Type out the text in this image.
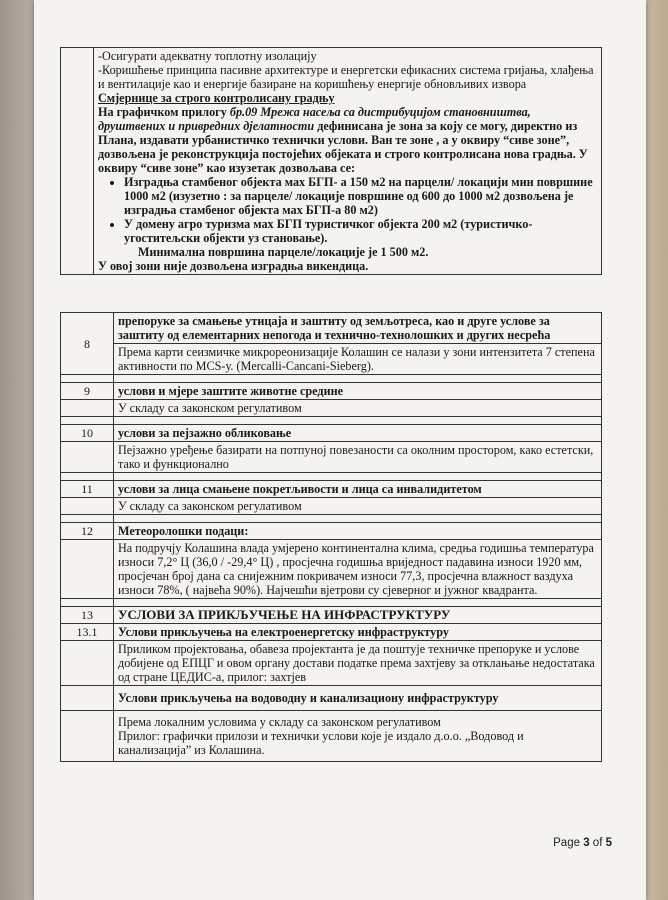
-Осигурати адекватну топлотну изолацију

-Коришћење принципа пасивне архитектуре и енергетски ефикасних система гријања, хлађења и вентилације као и енергије базиране на коришћењу енергије обновљивих извора

Смјернице за строго контролисану градњу

На графичком прилогу бр.09 Мрежа насеља са дистрибуцијом становништва, друштвених и привредних дјелатности дефинисана је зона за коју се могу, директно из Плана, издавати урбанистичко технички услови. Ван те зоне , а у оквиру “сиве зоне”, дозвољена је реконструкција постојећих објеката и строго контролисана нова градња. У оквиру “сиве зоне” као изузетак дозвољава се:

• Изградња стамбеног објекта мах БГП- а 150 м2 на парцели/ локацији мин површине 1000 м2 (изузетно : за парцеле/ локације површине од 600 до 1000 м2 дозвољена је изградња стамбеног објекта мах БГП-а 80 м2)
• У домену агро туризма мах БГП туристичког објекта 200 м2 (туристичко-угоститељски објекти уз становање).

Минимална површина парцеле/локације је 1 500 м2.

У овој зони није дозвољена изградња викендица.

8	препоруке за смањење утицаја и заштиту од земљотреса, као и друге услове за заштиту од елементарних непогода и технично-технолошких и других несрећа
	Према карти сеизмичке микрореонизације Колашин се налази у зони интензитета 7 степена активности по MCS-у. (Mercalli-Cancani-Sieberg).

9	услови и мјере заштите животне средине
	У складу са законском регулативом

10	услови за пејзажно обликовање
	Пејзажно уређење базирати на потпуној повезаности са околним простором, како естетски, тако и функционално

11	услови за лица смањене покретљивости и лица са инвалидитетом
	У складу са законском регулативом

12	Метеоролошки подаци:
	На подручју Колашина влада умјерено континентална клима, средња годишња температура износи 7,2° Ц (36,0 / -29,4° Ц) , просјечна годишња вриједност падавина износи 1920 мм, просјечан број дана са снијежним покривачем износи 77,3, просјечна влажност ваздуха износи 78%, ( највећа 90%). Најчешћи вјетрови су сјеверног и јужног квадранта.

13	УСЛОВИ ЗА ПРИКЉУЧЕЊЕ НА ИНФРАСТРУКТУРУ
13.1	Услови прикључења на електроенергетску инфраструктуру
	Приликом пројектовања, обавеза пројектанта је да поштује техничке препоруке и услове добијене од ЕПЦГ и овом органу достави податке према захтјеву за отклањање недостатака од стране ЦЕДИС-а, прилог: захтјев
	Услови прикључења на водоводну и канализациону инфраструктуру

	Према локалним условима у складу са законском регулативом

Прилог: графички прилози и технички услови које је издало д.о.о. „Водовод и канализација” из Колашина.

Page 3 of 5
